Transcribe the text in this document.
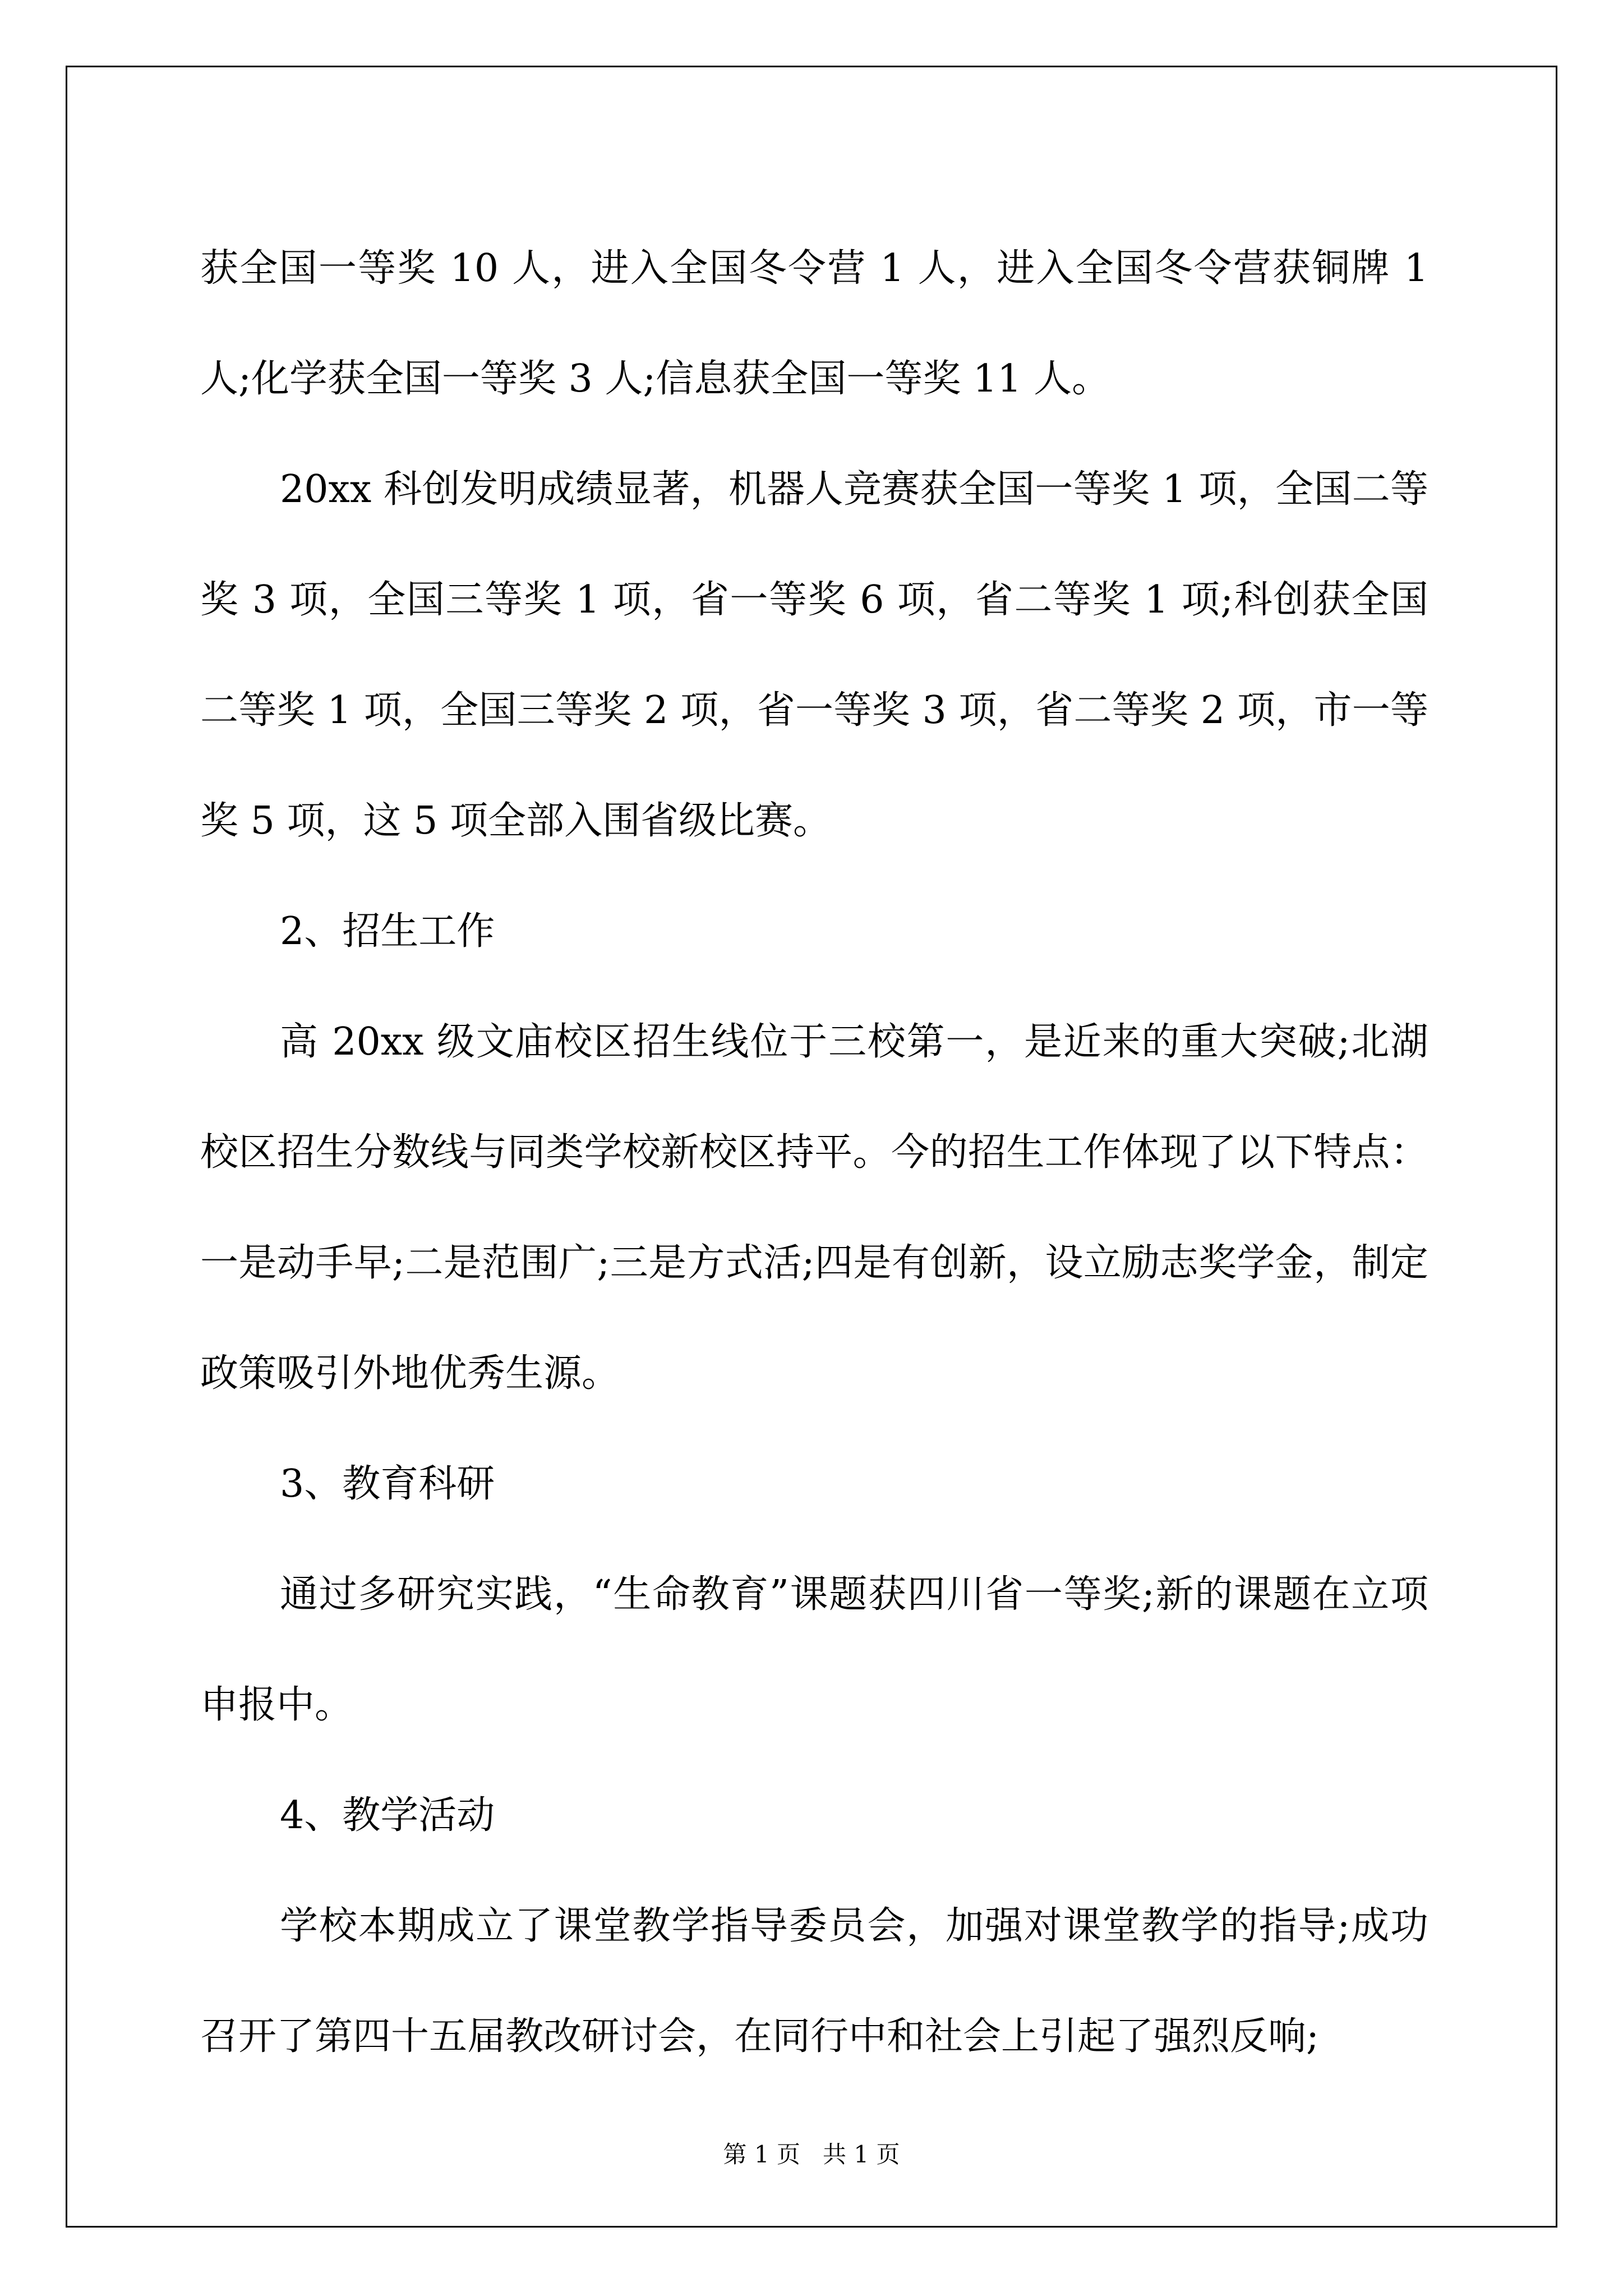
获全国一等奖 10 人，进入全国冬令营 1 人，进入全国冬令营获铜牌 1 人;化学获全国一等奖 3 人;信息获全国一等奖 11 人。

20xx 科创发明成绩显著，机器人竞赛获全国一等奖 1 项，全国二等奖 3 项，全国三等奖 1 项，省一等奖 6 项，省二等奖 1 项;科创获全国二等奖 1 项，全国三等奖 2 项，省一等奖 3 项，省二等奖 2 项，市一等奖 5 项，这 5 项全部入围省级比赛。

2、招生工作

高 20xx 级文庙校区招生线位于三校第一，是近来的重大突破;北湖校区招生分数线与同类学校新校区持平。今的招生工作体现了以下特点：一是动手早;二是范围广;三是方式活;四是有创新，设立励志奖学金，制定政策吸引外地优秀生源。

3、教育科研

通过多研究实践，“生命教育”课题获四川省一等奖;新的课题在立项申报中。

4、教学活动

学校本期成立了课堂教学指导委员会，加强对课堂教学的指导;成功召开了第四十五届教改研讨会，在同行中和社会上引起了强烈反响;

第 1 页 共 1 页
